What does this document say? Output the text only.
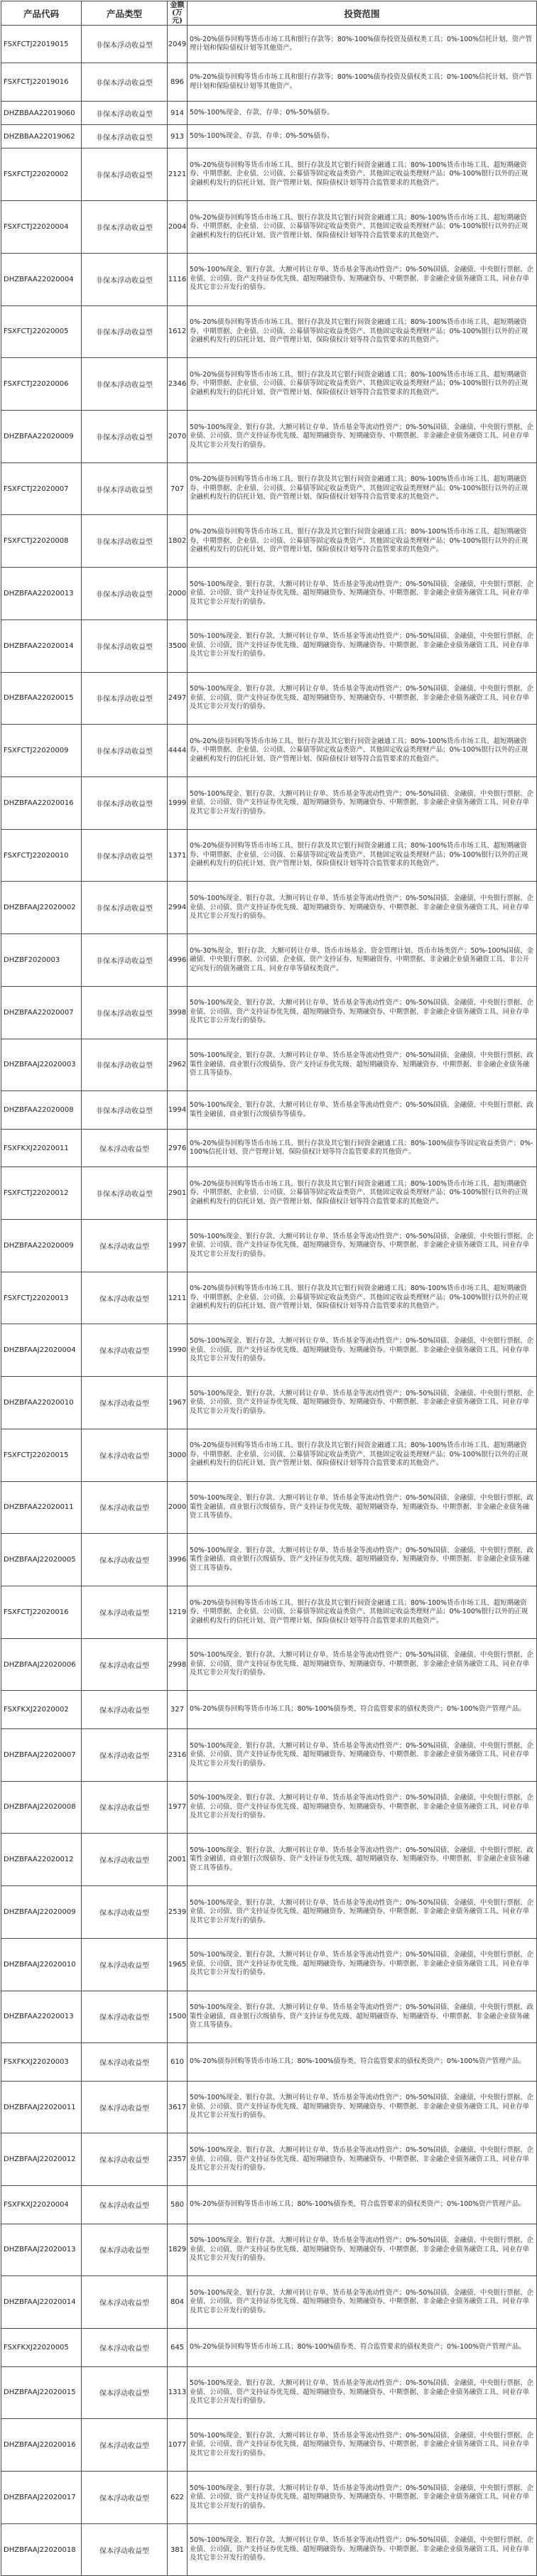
产品代码	产品类型	金额
(万元)	投资范围
FSXFCTJ22019015	非保本浮动收益型	2049	0%-20%债券回购等货币市场工具和银行存款等；80%-100%债券投资及债权类工具；0%-100%信托计划、资产管理计划和保险债权计划等其他资产。
FSXFCTJ22019016	非保本浮动收益型	896	0%-20%债券回购等货币市场工具和银行存款等；80%-100%债券投资及债权类工具；0%-100%信托计划、资产管理计划和保险债权计划等其他资产。
DHZBBAA22019060	非保本浮动收益型	914	50%-100%现金、存款、存单；0%-50%债券。
DHZBBAA22019062	非保本浮动收益型	913	50%-100%现金、存款、存单；0%-50%债券。
FSXFCTJ22020002	非保本浮动收益型	2121	0%-20%债券回购等货币市场工具、银行存款及其它银行间资金融通工具；80%-100%货币市场工具、超短期融资券、中期票据、企业债、公司债、公募债等固定收益类资产、其他固定收益类理财产品；0%-100%银行以外的正规金融机构发行的信托计划、资产管理计划、保险债权计划等符合监管要求的其他资产。
FSXFCTJ22020004	非保本浮动收益型	2004	0%-20%债券回购等货币市场工具、银行存款及其它银行间资金融通工具；80%-100%货币市场工具、超短期融资券、中期票据、企业债、公司债、公募债等固定收益类资产、其他固定收益类理财产品；0%-100%银行以外的正规金融机构发行的信托计划、资产管理计划、保险债权计划等符合监管要求的其他资产。
DHZBFAA22020004	非保本浮动收益型	1116	50%-100%现金、银行存款、大额可转让存单、货币基金等流动性资产；0%-50%国债、金融债、中央银行票据、企业债、公司债、资产支持证券优先级、超短期融资券、短期融资券、中期票据、非金融企业债务融资工具、同业存单及其它非公开发行的债券。
FSXFCTJ22020005	非保本浮动收益型	1612	0%-20%债券回购等货币市场工具、银行存款及其它银行间资金融通工具；80%-100%货币市场工具、超短期融资券、中期票据、企业债、公司债、公募债等固定收益类资产、其他固定收益类理财产品；0%-100%银行以外的正规金融机构发行的信托计划、资产管理计划、保险债权计划等符合监管要求的其他资产。
FSXFCTJ22020006	非保本浮动收益型	2346	0%-20%债券回购等货币市场工具、银行存款及其它银行间资金融通工具；80%-100%货币市场工具、超短期融资券、中期票据、企业债、公司债、公募债等固定收益类资产、其他固定收益类理财产品；0%-100%银行以外的正规金融机构发行的信托计划、资产管理计划、保险债权计划等符合监管要求的其他资产。
DHZBFAA22020009	非保本浮动收益型	2070	50%-100%现金、银行存款、大额可转让存单、货币基金等流动性资产；0%-50%国债、金融债、中央银行票据、企业债、公司债、资产支持证券优先级、超短期融资券、短期融资券、中期票据、非金融企业债务融资工具、同业存单及其它非公开发行的债券。
FSXFCTJ22020007	非保本浮动收益型	707	0%-20%债券回购等货币市场工具、银行存款及其它银行间资金融通工具；80%-100%货币市场工具、超短期融资券、中期票据、企业债、公司债、公募债等固定收益类资产、其他固定收益类理财产品；0%-100%银行以外的正规金融机构发行的信托计划、资产管理计划、保险债权计划等符合监管要求的其他资产。
FSXFCTJ22020008	非保本浮动收益型	1802	0%-20%债券回购等货币市场工具、银行存款及其它银行间资金融通工具；80%-100%货币市场工具、超短期融资券、中期票据、企业债、公司债、公募债等固定收益类资产、其他固定收益类理财产品；0%-100%银行以外的正规金融机构发行的信托计划、资产管理计划、保险债权计划等符合监管要求的其他资产。
DHZBFAA22020013	非保本浮动收益型	2000	50%-100%现金、银行存款、大额可转让存单、货币基金等流动性资产；0%-50%国债、金融债、中央银行票据、企业债、公司债、资产支持证券优先级、超短期融资券、短期融资券、中期票据、非金融企业债务融资工具、同业存单及其它非公开发行的债券。
DHZBFAA22020014	非保本浮动收益型	3500	50%-100%现金、银行存款、大额可转让存单、货币基金等流动性资产；0%-50%国债、金融债、中央银行票据、企业债、公司债、资产支持证券优先级、超短期融资券、短期融资券、中期票据、非金融企业债务融资工具、同业存单及其它非公开发行的债券。
DHZBFAA22020015	非保本浮动收益型	2497	50%-100%现金、银行存款、大额可转让存单、货币基金等流动性资产；0%-50%国债、金融债、中央银行票据、企业债、公司债、资产支持证券优先级、超短期融资券、短期融资券、中期票据、非金融企业债务融资工具、同业存单及其它非公开发行的债券。
FSXFCTJ22020009	非保本浮动收益型	4444	0%-20%债券回购等货币市场工具、银行存款及其它银行间资金融通工具；80%-100%货币市场工具、超短期融资券、中期票据、企业债、公司债、公募债等固定收益类资产、其他固定收益类理财产品；0%-100%银行以外的正规金融机构发行的信托计划、资产管理计划、保险债权计划等符合监管要求的其他资产。
DHZBFAA22020016	非保本浮动收益型	1999	50%-100%现金、银行存款、大额可转让存单、货币基金等流动性资产；0%-50%国债、金融债、中央银行票据、企业债、公司债、资产支持证券优先级、超短期融资券、短期融资券、中期票据、非金融企业债务融资工具、同业存单及其它非公开发行的债券。
FSXFCTJ22020010	非保本浮动收益型	1371	0%-20%债券回购等货币市场工具、银行存款及其它银行间资金融通工具；80%-100%货币市场工具、超短期融资券、中期票据、企业债、公司债、公募债等固定收益类资产、其他固定收益类理财产品；0%-100%银行以外的正规金融机构发行的信托计划、资产管理计划、保险债权计划等符合监管要求的其他资产。
DHZBFAAJ22020002	非保本浮动收益型	2994	50%-100%现金、银行存款、大额可转让存单、货币基金等流动性资产；0%-50%国债、金融债、中央银行票据、企业债、公司债、资产支持证券优先级、超短期融资券、短期融资券、中期票据、非金融企业债务融资工具、同业存单及其它非公开发行的债券。
DHZBF2020003	非保本浮动收益型	4996	0%-30%现金、银行存款、大额可转让存单、货币市场基金、资金管理计划、货币市场类资产；50%-100%国债、金融债、中央银行票据、公司债、企业债、资产支持证券、短期融资券、中期票据、非金融企业债务融资工具、非公开定向发行的债务融资工具、同业存单等债权类资产。
DHZBFAA22020007	非保本浮动收益型	3998	50%-100%现金、银行存款、大额可转让存单、货币基金等流动性资产；0%-50%国债、金融债、中央银行票据、企业债、公司债、资产支持证券优先级、超短期融资券、短期融资券、中期票据、非金融企业债务融资工具、同业存单及其它非公开发行的债券。
DHZBFAAJ22020003	非保本浮动收益型	2962	50%-100%现金、银行存款、大额可转让存单、货币基金等流动性资产；0%-50%国债、金融债、中央银行票据、政策性金融债、商业银行次级债券、资产支持证券优先级、超短期融资券、短期融资券、中期票据、非金融企业债务融资工具等债券。
DHZBFAA22020008	非保本浮动收益型	1994	50%-100%现金、银行存款、大额可转让存单、货币基金等流动性资产；0%-50%国债、金融债、中央银行票据、政策性金融债、商业银行次级债券等债券。
FSXFKXJ22020011	保本浮动收益型	2976	0%-20%债券回购等货币市场工具、银行存款及其它银行间资金融通工具；80%-100%债券等固定收益类资产；0%-100%信托计划、资产管理计划、保险债权计划等符合监管要求的其他资产。
FSXFCTJ22020012	非保本浮动收益型	2901	0%-20%债券回购等货币市场工具、银行存款及其它银行间资金融通工具；80%-100%货币市场工具、超短期融资券、中期票据、企业债、公司债、公募债等固定收益类资产、其他固定收益类理财产品；0%-100%银行以外的正规金融机构发行的信托计划、资产管理计划、保险债权计划等符合监管要求的其他资产。
DHZBFAA22020009	保本浮动收益型	1997	50%-100%现金、银行存款、大额可转让存单、货币基金等流动性资产；0%-50%国债、金融债、中央银行票据、企业债、公司债、资产支持证券优先级、超短期融资券、短期融资券、中期票据、非金融企业债务融资工具、同业存单及其它非公开发行的债券。
FSXFCTJ22020013	保本浮动收益型	1211	0%-20%债券回购等货币市场工具、银行存款及其它银行间资金融通工具；80%-100%货币市场工具、超短期融资券、中期票据、企业债、公司债、公募债等固定收益类资产、其他固定收益类理财产品；0%-100%银行以外的正规金融机构发行的信托计划、资产管理计划、保险债权计划等符合监管要求的其他资产。
DHZBFAAJ22020004	保本浮动收益型	1990	50%-100%现金、银行存款、大额可转让存单、货币基金等流动性资产；0%-50%国债、金融债、中央银行票据、企业债、公司债、资产支持证券优先级、超短期融资券、短期融资券、中期票据、非金融企业债务融资工具、同业存单及其它非公开发行的债券。
DHZBFAA22020010	保本浮动收益型	1967	50%-100%现金、银行存款、大额可转让存单、货币基金等流动性资产；0%-50%国债、金融债、中央银行票据、企业债、公司债、资产支持证券优先级、超短期融资券、短期融资券、中期票据、非金融企业债务融资工具、同业存单及其它非公开发行的债券。
FSXFCTJ22020015	保本浮动收益型	3000	0%-20%债券回购等货币市场工具、银行存款及其它银行间资金融通工具；80%-100%货币市场工具、超短期融资券、中期票据、企业债、公司债、公募债等固定收益类资产、其他固定收益类理财产品；0%-100%银行以外的正规金融机构发行的信托计划、资产管理计划、保险债权计划等符合监管要求的其他资产。
DHZBFAA22020011	保本浮动收益型	2000	50%-100%现金、银行存款、大额可转让存单、货币基金等流动性资产；0%-50%国债、金融债、中央银行票据、政策性金融债、商业银行次级债券、资产支持证券优先级、超短期融资券、短期融资券、中期票据、非金融企业债务融资工具等债券。
DHZBFAAJ22020005	保本浮动收益型	3996	50%-100%现金、银行存款、大额可转让存单、货币基金等流动性资产；0%-50%国债、金融债、中央银行票据、政策性金融债、商业银行次级债券、资产支持证券优先级、超短期融资券、短期融资券、中期票据、非金融企业债务融资工具等债券。
FSXFCTJ22020016	保本浮动收益型	1219	0%-20%债券回购等货币市场工具、银行存款及其它银行间资金融通工具；80%-100%货币市场工具、超短期融资券、中期票据、企业债、公司债、公募债等固定收益类资产、其他固定收益类理财产品；0%-100%银行以外的正规金融机构发行的信托计划、资产管理计划、保险债权计划等符合监管要求的其他资产。
DHZBFAAJ22020006	保本浮动收益型	2998	50%-100%现金、银行存款、大额可转让存单、货币基金等流动性资产；0%-50%国债、金融债、中央银行票据、企业债、公司债、资产支持证券优先级、超短期融资券、短期融资券、中期票据、非金融企业债务融资工具、同业存单及其它非公开发行的债券。
FSXFKXJ22020002	保本浮动收益型	327	0%-20%债券回购等货币市场工具；80%-100%债券类、符合监管要求的债权类资产；0%-100%资产管理产品。
DHZBFAAJ22020007	保本浮动收益型	2316	50%-100%现金、银行存款、大额可转让存单、货币基金等流动性资产；0%-50%国债、金融债、中央银行票据、企业债、公司债、资产支持证券优先级、超短期融资券、短期融资券、中期票据、非金融企业债务融资工具、同业存单及其它非公开发行的债券。
DHZBFAAJ22020008	保本浮动收益型	1977	50%-100%现金、银行存款、大额可转让存单、货币基金等流动性资产；0%-50%国债、金融债、中央银行票据、企业债、公司债、资产支持证券优先级、超短期融资券、短期融资券、中期票据、非金融企业债务融资工具、同业存单及其它非公开发行的债券。
DHZBFAA22020012	保本浮动收益型	2001	50%-100%现金、银行存款、大额可转让存单、货币基金等流动性资产；0%-50%国债、金融债、中央银行票据、政策性金融债、商业银行次级债券、资产支持证券优先级、超短期融资券、短期融资券、中期票据、非金融企业债务融资工具等债券。
DHZBFAAJ22020009	保本浮动收益型	2539	50%-100%现金、银行存款、大额可转让存单、货币基金等流动性资产；0%-50%国债、金融债、中央银行票据、企业债、公司债、资产支持证券优先级、超短期融资券、短期融资券、中期票据、非金融企业债务融资工具、同业存单及其它非公开发行的债券。
DHZBFAAJ22020010	保本浮动收益型	1965	50%-100%现金、银行存款、大额可转让存单、货币基金等流动性资产；0%-50%国债、金融债、中央银行票据、企业债、公司债、资产支持证券优先级、超短期融资券、短期融资券、中期票据、非金融企业债务融资工具、同业存单及其它非公开发行的债券。
DHZBFAA22020013	保本浮动收益型	1500	50%-100%现金、银行存款、大额可转让存单、货币基金等流动性资产；0%-50%国债、金融债、中央银行票据、政策性金融债、商业银行次级债券、资产支持证券优先级、超短期融资券、短期融资券、中期票据、非金融企业债务融资工具等债券。
FSXFKXJ22020003	保本浮动收益型	610	0%-20%债券回购等货币市场工具；80%-100%债券类、符合监管要求的债权类资产；0%-100%资产管理产品。
DHZBFAAJ22020011	保本浮动收益型	3617	50%-100%现金、银行存款、大额可转让存单、货币基金等流动性资产；0%-50%国债、金融债、中央银行票据、企业债、公司债、资产支持证券优先级、超短期融资券、短期融资券、中期票据、非金融企业债务融资工具、同业存单及其它非公开发行的债券。
DHZBFAAJ22020012	保本浮动收益型	2357	50%-100%现金、银行存款、大额可转让存单、货币基金等流动性资产；0%-50%国债、金融债、中央银行票据、企业债、公司债、资产支持证券优先级、超短期融资券、短期融资券、中期票据、非金融企业债务融资工具、同业存单及其它非公开发行的债券。
FSXFKXJ22020004	保本浮动收益型	580	0%-20%债券回购等货币市场工具；80%-100%债券类、符合监管要求的债权类资产；0%-100%资产管理产品。
DHZBFAAJ22020013	保本浮动收益型	1829	50%-100%现金、银行存款、大额可转让存单、货币基金等流动性资产；0%-50%国债、金融债、中央银行票据、企业债、公司债、资产支持证券优先级、超短期融资券、短期融资券、中期票据、非金融企业债务融资工具、同业存单及其它非公开发行的债券。
DHZBFAAJ22020014	保本浮动收益型	804	50%-100%现金、银行存款、大额可转让存单、货币基金等流动性资产；0%-50%国债、金融债、中央银行票据、企业债、公司债、资产支持证券优先级、超短期融资券、短期融资券、中期票据、非金融企业债务融资工具、同业存单及其它非公开发行的债券。
FSXFKXJ22020005	保本浮动收益型	645	0%-20%债券回购等货币市场工具；80%-100%债券类、符合监管要求的债权类资产；0%-100%资产管理产品。
DHZBFAAJ22020015	保本浮动收益型	1313	50%-100%现金、银行存款、大额可转让存单、货币基金等流动性资产；0%-50%国债、金融债、中央银行票据、企业债、公司债、资产支持证券优先级、超短期融资券、短期融资券、中期票据、非金融企业债务融资工具、同业存单及其它非公开发行的债券。
DHZBFAAJ22020016	保本浮动收益型	1077	50%-100%现金、银行存款、大额可转让存单、货币基金等流动性资产；0%-50%国债、金融债、中央银行票据、企业债、公司债、资产支持证券优先级、超短期融资券、短期融资券、中期票据、非金融企业债务融资工具、同业存单及其它非公开发行的债券。
DHZBFAAJ22020017	保本浮动收益型	622	50%-100%现金、银行存款、大额可转让存单、货币基金等流动性资产；0%-50%国债、金融债、中央银行票据、企业债、公司债、资产支持证券优先级、超短期融资券、短期融资券、中期票据、非金融企业债务融资工具、同业存单及其它非公开发行的债券。
DHZBFAAJ22020018	保本浮动收益型	381	50%-100%现金、银行存款、大额可转让存单、货币基金等流动性资产；0%-50%国债、金融债、中央银行票据、企业债、公司债、资产支持证券优先级、超短期融资券、短期融资券、中期票据、非金融企业债务融资工具、同业存单及其它非公开发行的债券。
